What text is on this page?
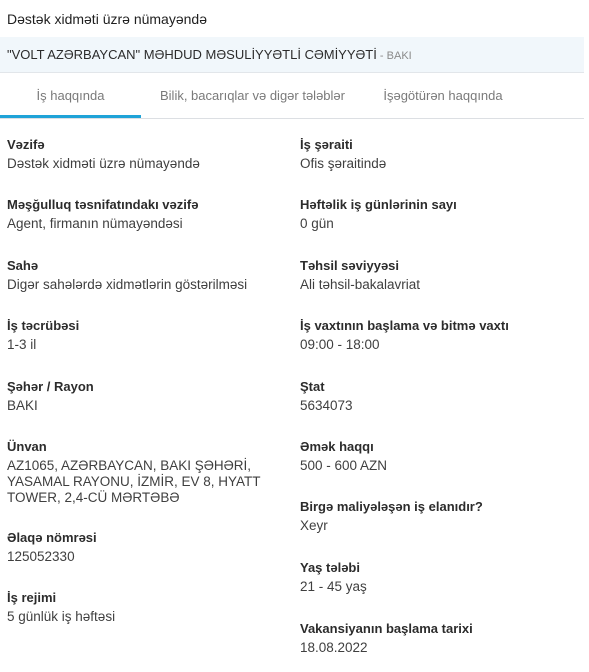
Dəstək xidməti üzrə nümayəndə
"VOLT AZƏRBAYCAN" MƏHDUD MƏSULİYYƏTLİ CƏMİYYƏTİ - BAKI
İş haqqında	Bilik, bacarıqlar və digər tələblər	İşəgötürən haqqında
Vəzifə
Dəstək xidməti üzrə nümayəndə
Məşğulluq təsnifatındakı vəzifə
Agent, firmanın nümayəndəsi
Sahə
Digər sahələrdə xidmətlərin göstərilməsi
İş təcrübəsi
1-3 il
Şəhər / Rayon
BAKI
Ünvan
AZ1065, AZƏRBAYCAN, BAKI ŞƏHƏRİ, YASAMAL RAYONU, İZMİR, EV 8, HYATT TOWER, 2,4-CÜ MƏRTƏBƏ
Əlaqə nömrəsi
125052330
İş rejimi
5 günlük iş həftəsi
İş şəraiti
Ofis şəraitində
Həftəlik iş günlərinin sayı
0 gün
Təhsil səviyyəsi
Ali təhsil-bakalavriat
İş vaxtının başlama və bitmə vaxtı
09:00 - 18:00
Ştat
5634073
Əmək haqqı
500 - 600 AZN
Birgə maliyələşən iş elanıdır?
Xeyr
Yaş tələbi
21 - 45 yaş
Vakansiyanın başlama tarixi
18.08.2022
